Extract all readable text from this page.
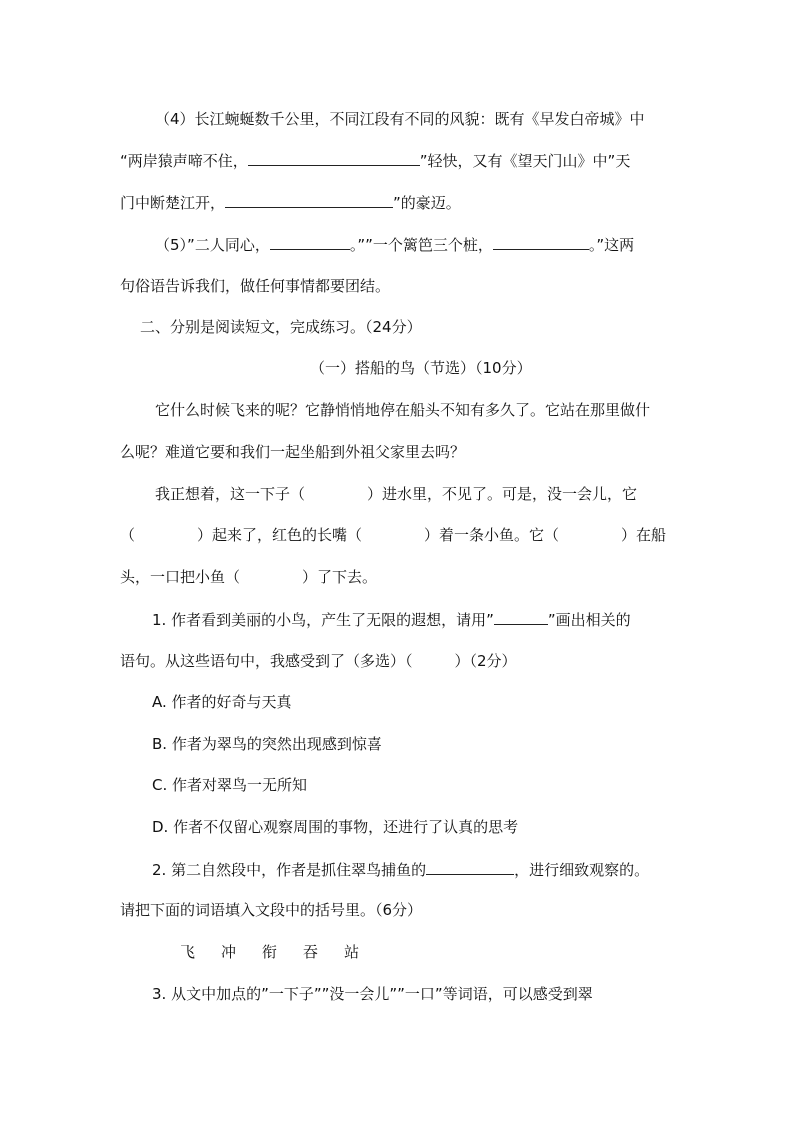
（4）长江蜿蜒数千公里，不同江段有不同的风貌：既有《早发白帝城》中
“两岸猿声啼不住，	”轻快，又有《望天门山》中”天
门中断楚江开，	”的豪迈。
（5）”二人同心，	。””一个篱笆三个桩，	。”这两
句俗语告诉我们，做任何事情都要团结。
二、分别是阅读短文，完成练习。（24分）
（一）搭船的鸟（节选）（10分）
它什么时候飞来的呢？它静悄悄地停在船头不知有多久了。它站在那里做什
么呢？难道它要和我们一起坐船到外祖父家里去吗？
我正想着，这一下子（	）进水里，不见了。可是，没一会儿，它
（	）起来了，红色的长嘴（	）着一条小鱼。它（	）在船
头，一口把小鱼（	）了下去。
1. 作者看到美丽的小鸟，产生了无限的遐想，请用”	”画出相关的
语句。从这些语句中，我感受到了（多选）（	）（2分）
A. 作者的好奇与天真
B. 作者为翠鸟的突然出现感到惊喜
C. 作者对翠鸟一无所知
D. 作者不仅留心观察周围的事物，还进行了认真的思考
2. 第二自然段中，作者是抓住翠鸟捕鱼的	，进行细致观察的。
请把下面的词语填入文段中的括号里。（6分）
飞 冲 衔 吞 站
3. 从文中加点的”一下子””没一会儿””一口”等词语，可以感受到翠
